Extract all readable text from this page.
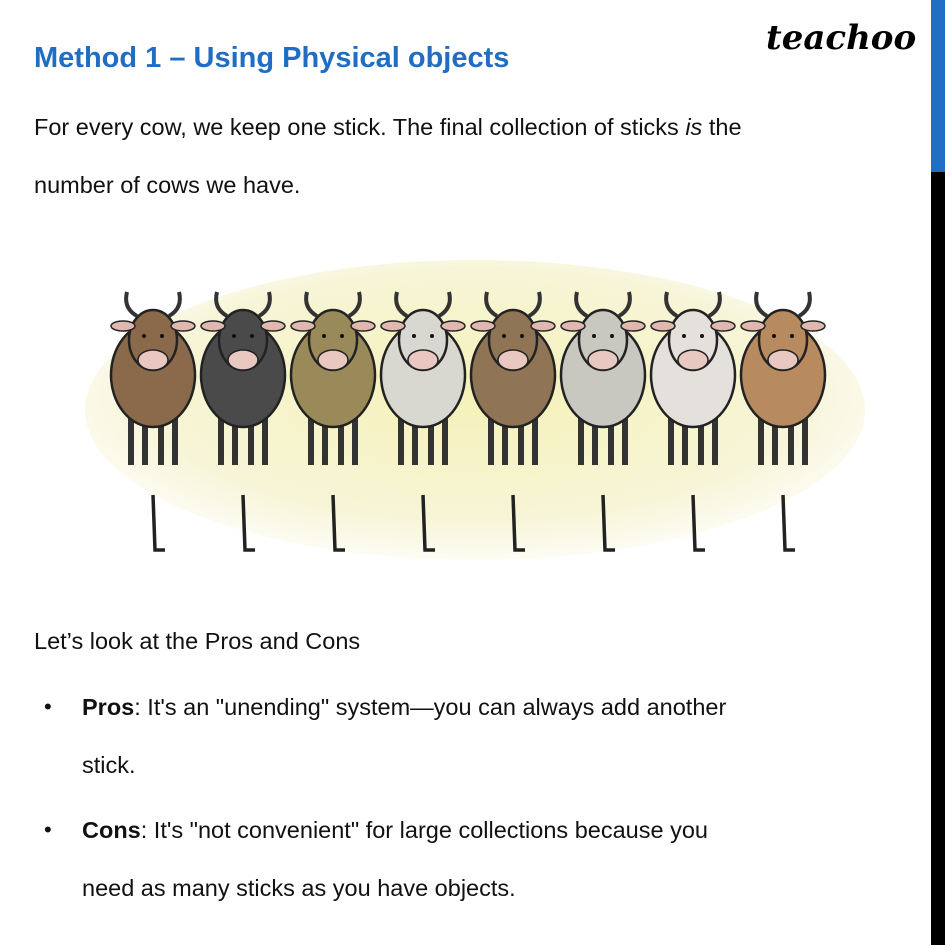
Method 1 – Using Physical objects	teachoo
For every cow, we keep one stick. The final collection of sticks is the
number of cows we have.
Let’s look at the Pros and Cons
• Pros: It's an "unending" system—you can always add another
stick.
• Cons: It's "not convenient" for large collections because you
need as many sticks as you have objects.
